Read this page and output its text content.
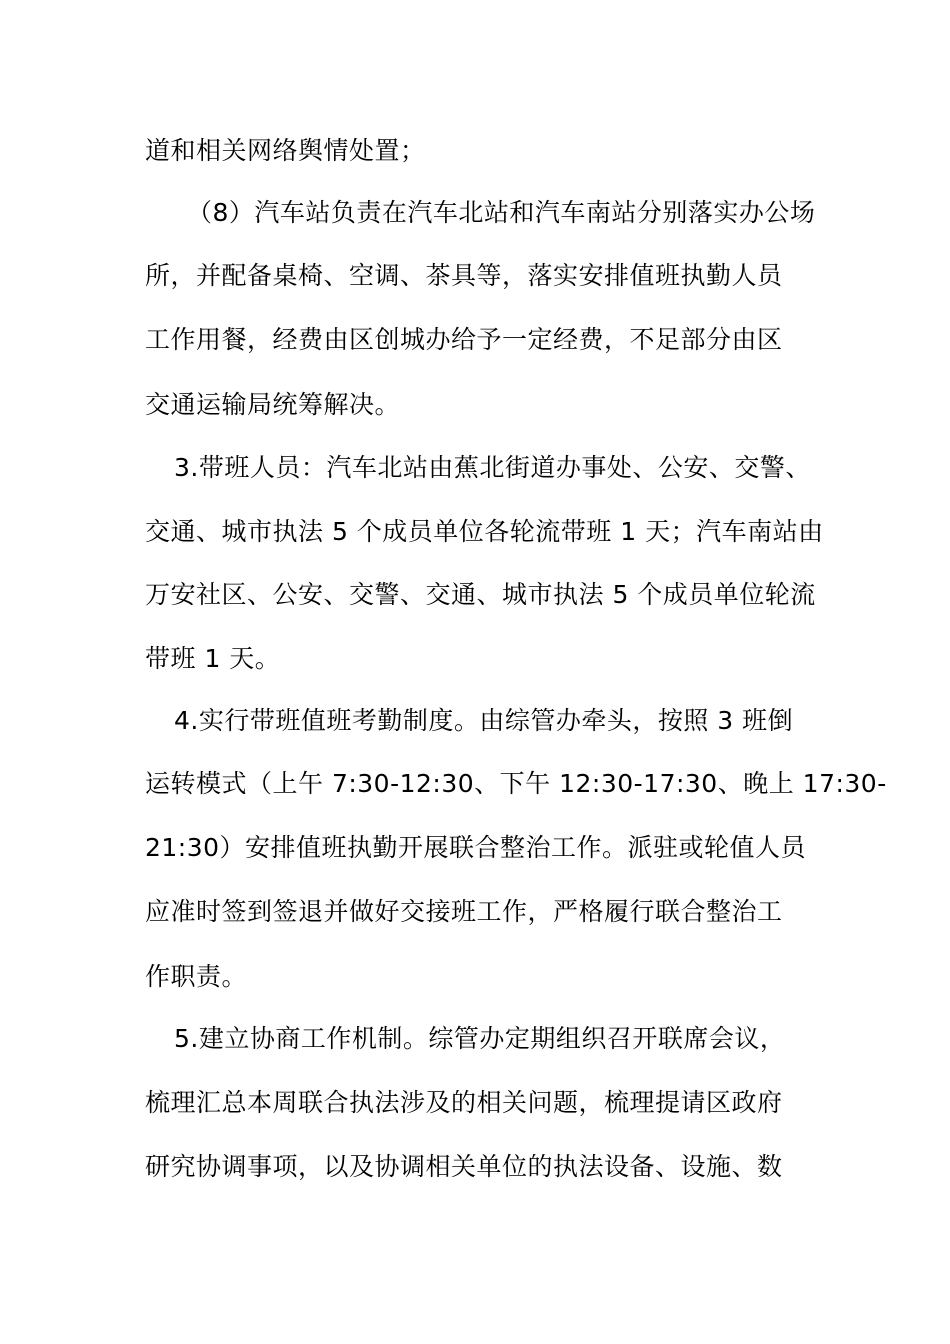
道和相关网络舆情处置；
（8）汽车站负责在汽车北站和汽车南站分别落实办公场
所，并配备桌椅、空调、茶具等，落实安排值班执勤人员
工作用餐，经费由区创城办给予一定经费，不足部分由区
交通运输局统筹解决。
3.带班人员：汽车北站由蕉北街道办事处、公安、交警、
交通、城市执法 5 个成员单位各轮流带班 1 天；汽车南站由
万安社区、公安、交警、交通、城市执法 5 个成员单位轮流
带班 1 天。
4.实行带班值班考勤制度。由综管办牵头，按照 3 班倒
运转模式（上午 7:30-12:30、下午 12:30-17:30、晚上 17:30-
21:30）安排值班执勤开展联合整治工作。派驻或轮值人员
应准时签到签退并做好交接班工作，严格履行联合整治工
作职责。
5.建立协商工作机制。综管办定期组织召开联席会议，
梳理汇总本周联合执法涉及的相关问题，梳理提请区政府
研究协调事项，以及协调相关单位的执法设备、设施、数
